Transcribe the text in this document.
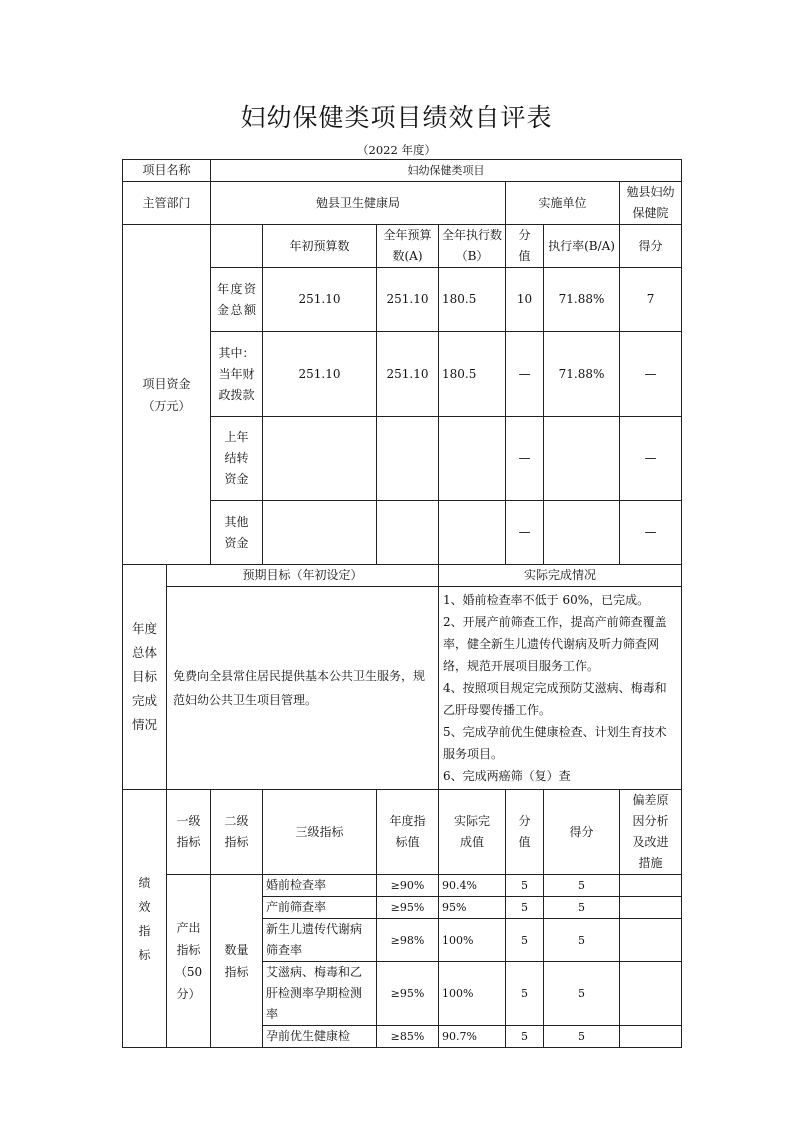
妇幼保健类项目绩效自评表
（2022 年度）
项目名称		妇幼保健类项目						
主管部门		勉县卫生健康局				实施单位		勉县妇幼保健院
项目资金（万元）			年初预算数	全年预算数(A)	全年执行数（B）	分值	执行率(B/A)	得分
		年度资金总额	251.10	251.10	180.5	10	71.88%	7
		其中：当年财政拨款	251.10	251.10	180.5	—	71.88%	—
		上年结转资金				—		—
		其他资金				—		—
年度总体目标完成情况	预期目标（年初设定）				实际完成情况			
	免费向全县常住居民提供基本公共卫生服务，规范妇幼公共卫生项目管理。				1、婚前检查率不低于 60%，已完成。
2、开展产前筛查工作，提高产前筛查覆盖率，健全新生儿遗传代谢病及听力筛查网络，规范开展项目服务工作。
4、按照项目规定完成预防艾滋病、梅毒和乙肝母婴传播工作。
5、完成孕前优生健康检查、计划生育技术服务项目。
6、完成两癌筛（复）查			

绩效指标	一级指标	二级指标	三级指标	年度指标值	实际完成值	分值	得分	偏差原因分析及改进措施
	产出指标（50分）	数量指标	婚前检查率	≥90%	90.4%	5	5	
			产前筛查率	≥95%	95%	5	5	
			新生儿遗传代谢病筛查率	≥98%	100%	5	5	
			艾滋病、梅毒和乙肝检测率孕期检测率	≥95%	100%	5	5	
			孕前优生健康检	≥85%	90.7%	5	5	
